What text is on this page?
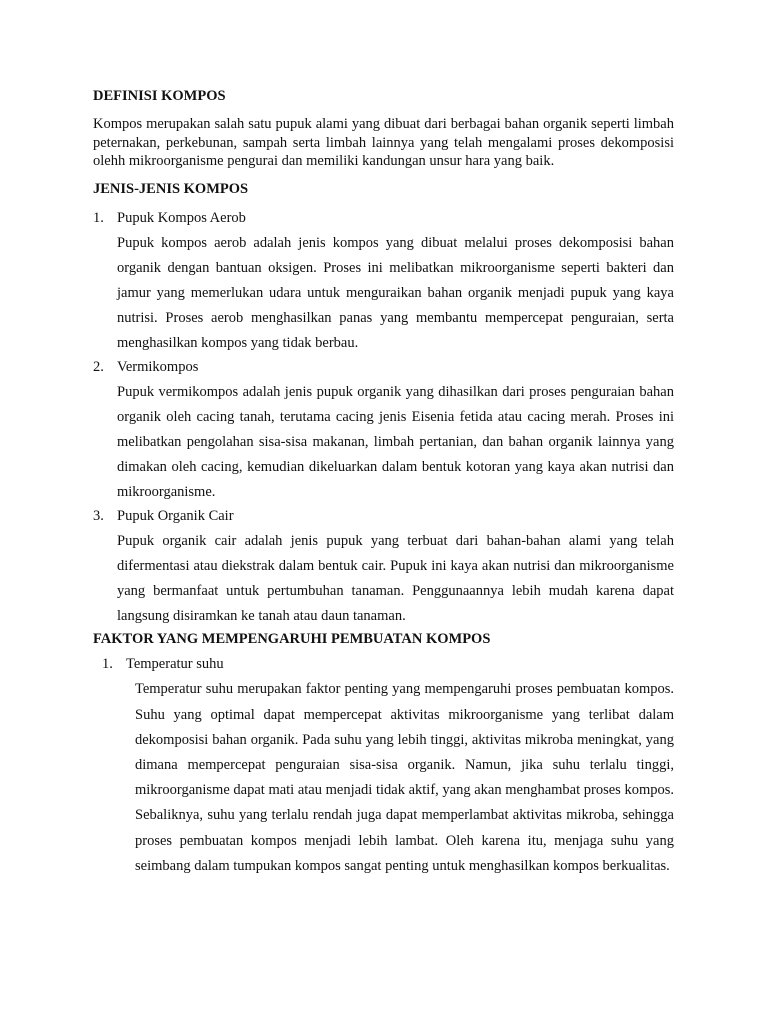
DEFINISI KOMPOS

Kompos merupakan salah satu pupuk alami yang dibuat dari berbagai bahan organik seperti limbah peternakan, perkebunan, sampah serta limbah lainnya yang telah mengalami proses dekomposisi olehh mikroorganisme pengurai dan memiliki kandungan unsur hara yang baik.

JENIS-JENIS KOMPOS

1. Pupuk Kompos Aerob

Pupuk kompos aerob adalah jenis kompos yang dibuat melalui proses dekomposisi bahan organik dengan bantuan oksigen. Proses ini melibatkan mikroorganisme seperti bakteri dan jamur yang memerlukan udara untuk menguraikan bahan organik menjadi pupuk yang kaya nutrisi. Proses aerob menghasilkan panas yang membantu mempercepat penguraian, serta menghasilkan kompos yang tidak berbau.

2. Vermikompos

Pupuk vermikompos adalah jenis pupuk organik yang dihasilkan dari proses penguraian bahan organik oleh cacing tanah, terutama cacing jenis Eisenia fetida atau cacing merah. Proses ini melibatkan pengolahan sisa-sisa makanan, limbah pertanian, dan bahan organik lainnya yang dimakan oleh cacing, kemudian dikeluarkan dalam bentuk kotoran yang kaya akan nutrisi dan mikroorganisme.

3. Pupuk Organik Cair

Pupuk organik cair adalah jenis pupuk yang terbuat dari bahan-bahan alami yang telah difermentasi atau diekstrak dalam bentuk cair. Pupuk ini kaya akan nutrisi dan mikroorganisme yang bermanfaat untuk pertumbuhan tanaman. Penggunaannya lebih mudah karena dapat langsung disiramkan ke tanah atau daun tanaman.

FAKTOR YANG MEMPENGARUHI PEMBUATAN KOMPOS

1. Temperatur suhu

Temperatur suhu merupakan faktor penting yang mempengaruhi proses pembuatan kompos. Suhu yang optimal dapat mempercepat aktivitas mikroorganisme yang terlibat dalam dekomposisi bahan organik. Pada suhu yang lebih tinggi, aktivitas mikroba meningkat, yang dimana mempercepat penguraian sisa-sisa organik. Namun, jika suhu terlalu tinggi, mikroorganisme dapat mati atau menjadi tidak aktif, yang akan menghambat proses kompos. Sebaliknya, suhu yang terlalu rendah juga dapat memperlambat aktivitas mikroba, sehingga proses pembuatan kompos menjadi lebih lambat. Oleh karena itu, menjaga suhu yang seimbang dalam tumpukan kompos sangat penting untuk menghasilkan kompos berkualitas.
